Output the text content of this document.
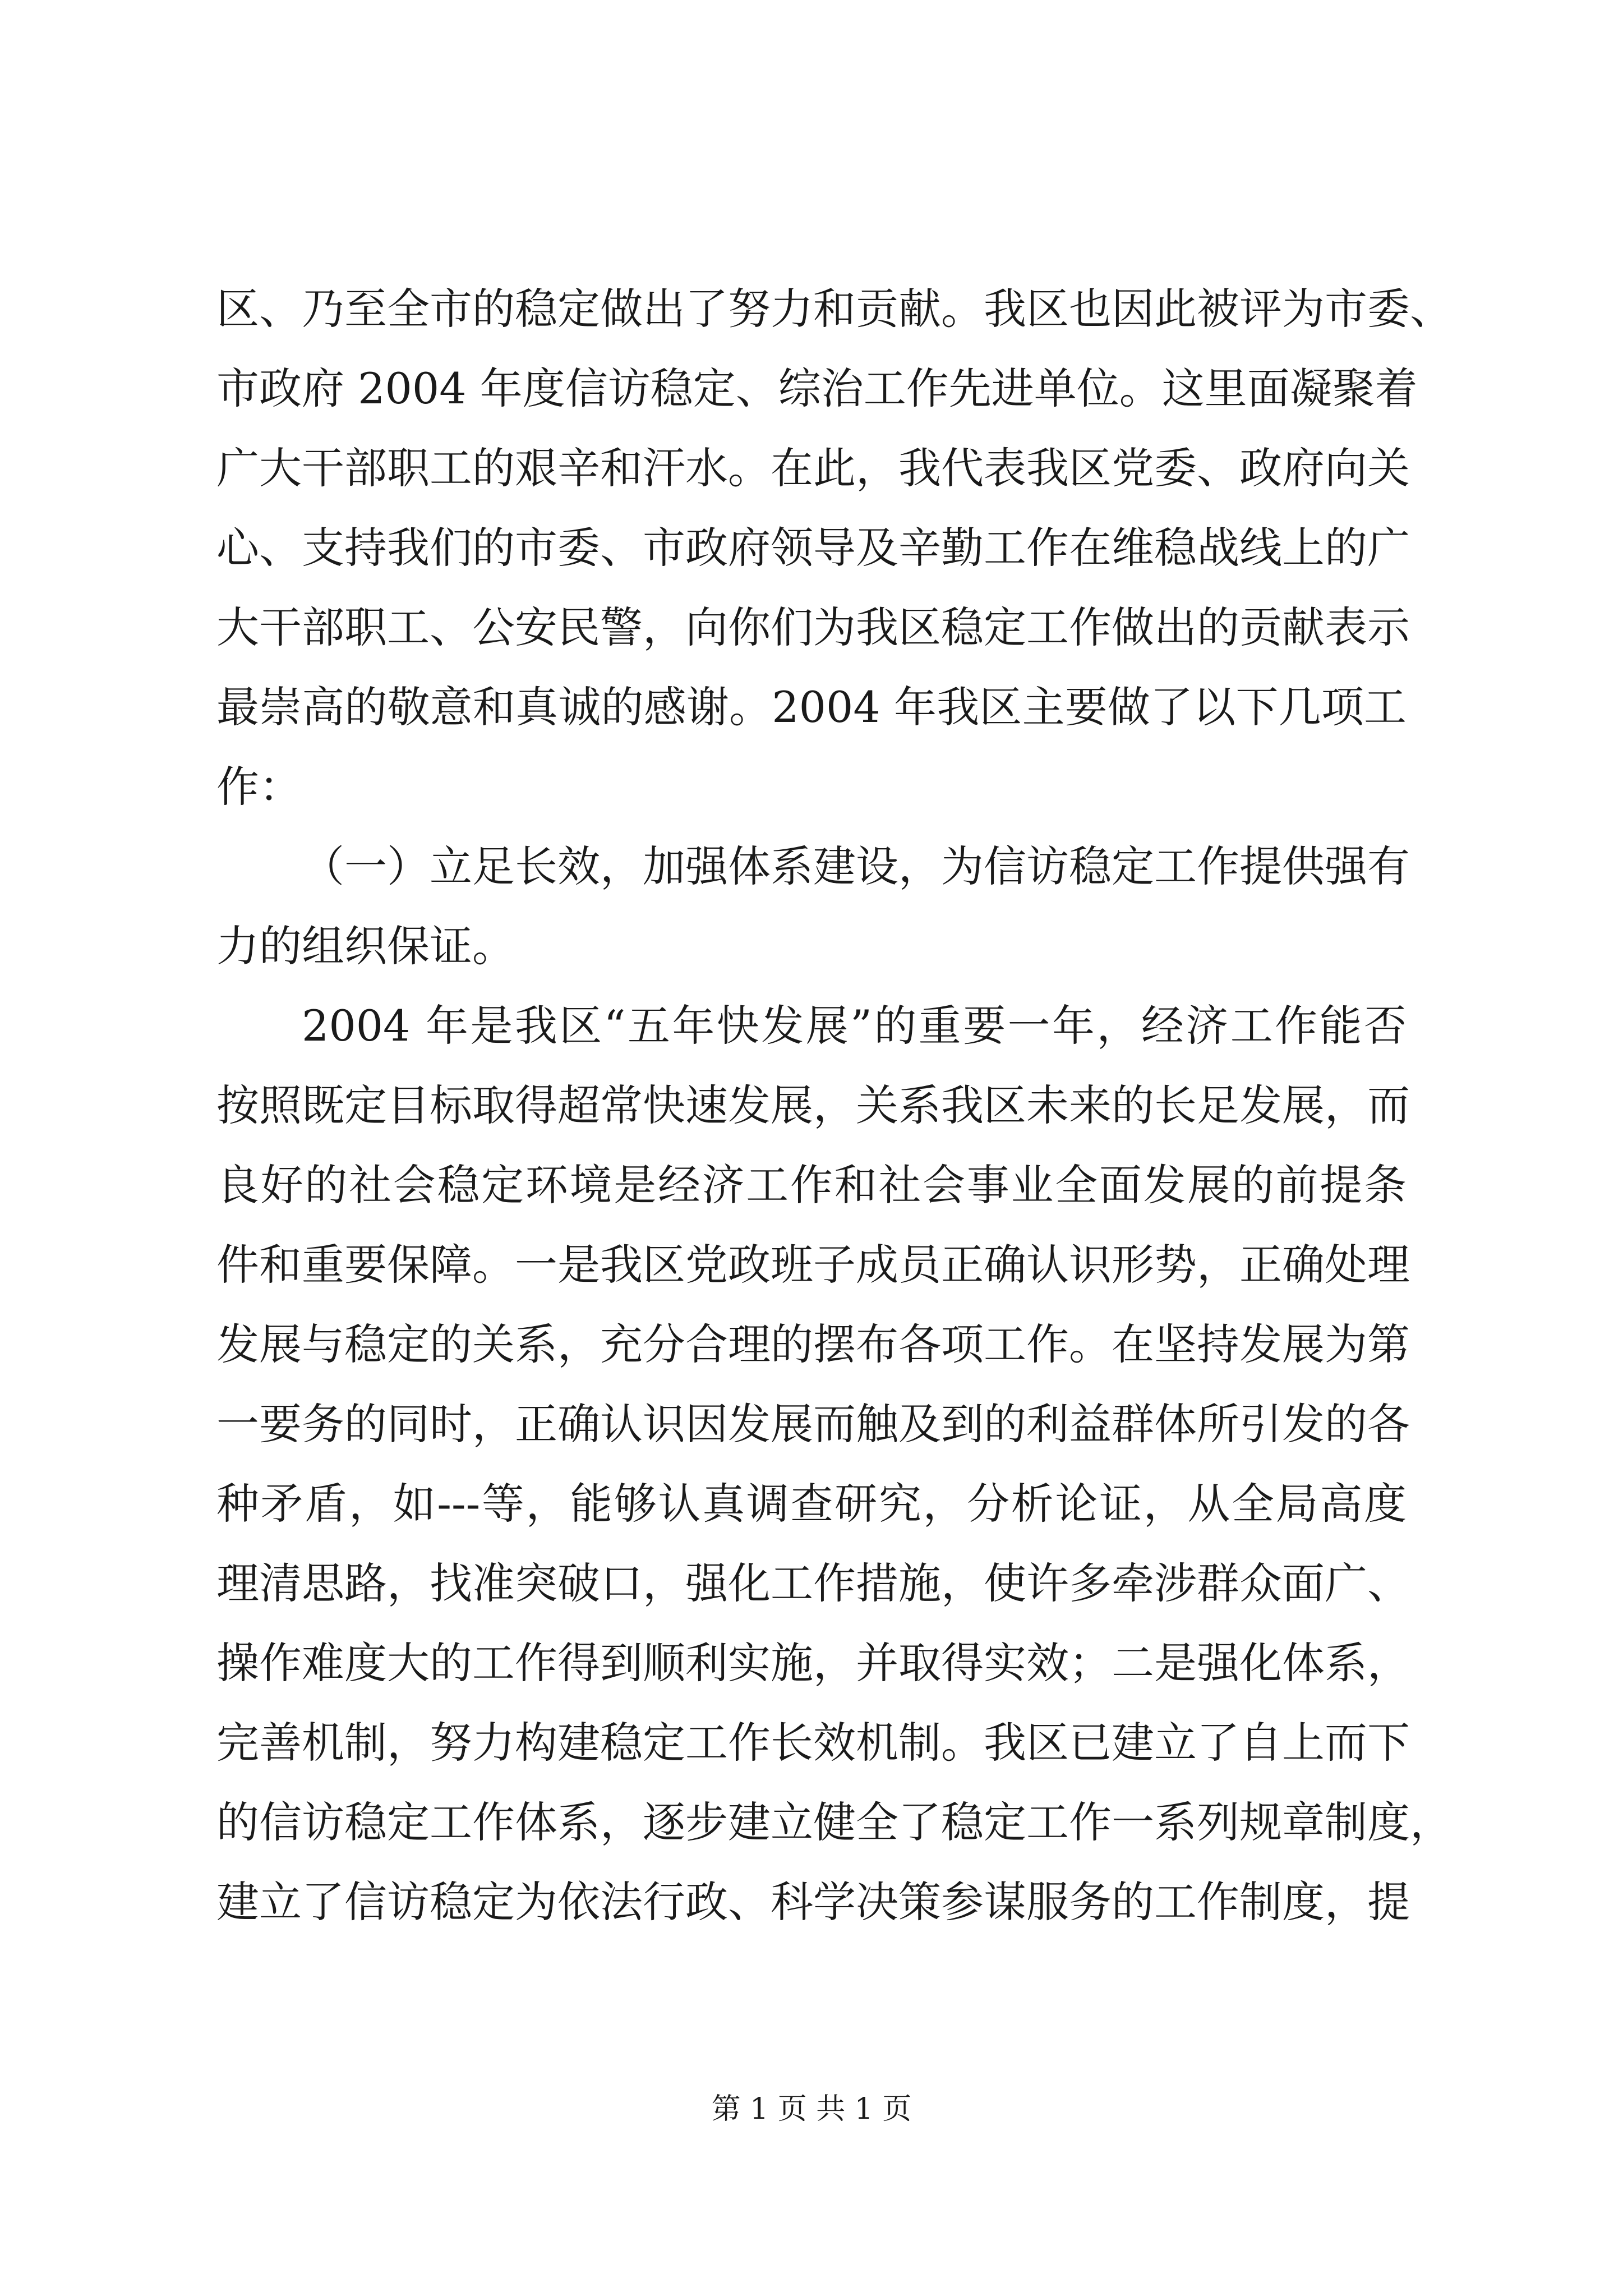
区、乃至全市的稳定做出了努力和贡献。我区也因此被评为市委、
市政府 2004 年度信访稳定、综治工作先进单位。这里面凝聚着
广大干部职工的艰辛和汗水。在此，我代表我区党委、政府向关
心、支持我们的市委、市政府领导及辛勤工作在维稳战线上的广
大干部职工、公安民警，向你们为我区稳定工作做出的贡献表示
最崇高的敬意和真诚的感谢。2004 年我区主要做了以下几项工
作：
（一）立足长效，加强体系建设，为信访稳定工作提供强有
力的组织保证。
2004 年是我区“五年快发展”的重要一年，经济工作能否
按照既定目标取得超常快速发展，关系我区未来的长足发展，而
良好的社会稳定环境是经济工作和社会事业全面发展的前提条
件和重要保障。一是我区党政班子成员正确认识形势，正确处理
发展与稳定的关系，充分合理的摆布各项工作。在坚持发展为第
一要务的同时，正确认识因发展而触及到的利益群体所引发的各
种矛盾，如---等，能够认真调查研究，分析论证，从全局高度
理清思路，找准突破口，强化工作措施，使许多牵涉群众面广、
操作难度大的工作得到顺利实施，并取得实效；二是强化体系，
完善机制，努力构建稳定工作长效机制。我区已建立了自上而下
的信访稳定工作体系，逐步建立健全了稳定工作一系列规章制度，
建立了信访稳定为依法行政、科学决策参谋服务的工作制度，提
第 1 页 共 1 页
